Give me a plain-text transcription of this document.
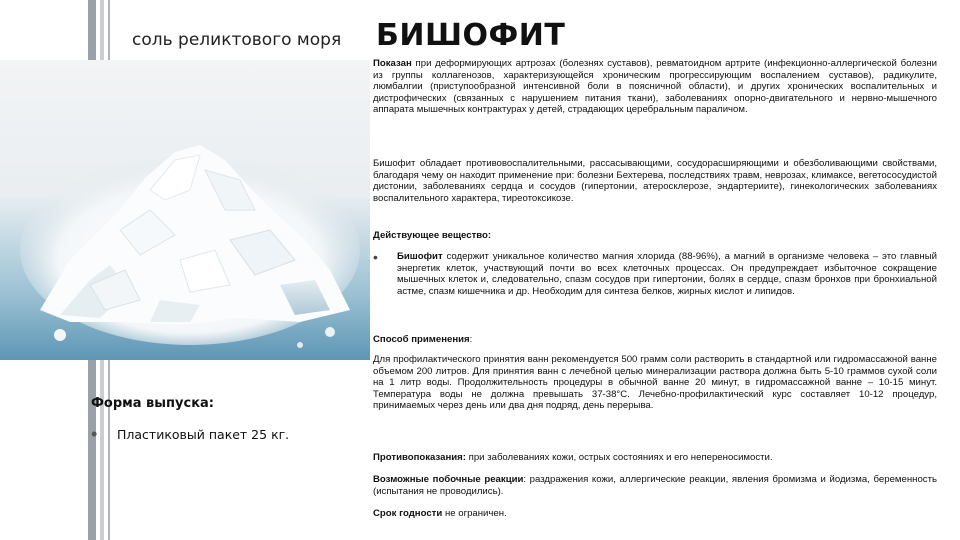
соль реликтового моря БИШОФИТ

Показан при деформирующих артрозах (болезнях суставов), ревматоидном артрите (инфекционно-аллергической болезни из группы коллагенозов, характеризующейся хроническим прогрессирующим воспалением суставов), радикулите, люмбалгии (приступообразной интенсивной боли в поясничной области), и других хронических воспалительных и дистрофических (связанных с нарушением питания ткани), заболеваниях опорно-двигательного и нервно-мышечного аппарата мышечных контрактурах у детей, страдающих церебральным параличом.

Бишофит обладает противовоспалительными, рассасывающими, сосудорасширяющими и обезболивающими свойствами, благодаря чему он находит применение при: болезни Бехтерева, последствиях травм, неврозах, климаксе, вегетососудистой дистонии, заболеваниях сердца и сосудов (гипертонии, атеросклерозе, эндартериите), гинекологических заболеваниях воспалительного характера, тиреотоксикозе.

Действующее вещество:

•	Бишофит содержит уникальное количество магния хлорида (88-96%), а магний в организме человека – это главный энергетик клеток, участвующий почти во всех клеточных процессах. Он предупреждает избыточное сокращение мышечных клеток и, следовательно, спазм сосудов при гипертонии, болях в сердце, спазм бронхов при бронхиальной астме, спазм кишечника и др. Необходим для синтеза белков, жирных кислот и липидов.

Способ применения:

Для профилактического принятия ванн рекомендуется 500 грамм соли растворить в стандартной или гидромассажной ванне объемом 200 литров. Для принятия ванн с лечебной целью минерализации раствора должна быть 5-10 граммов сухой соли на 1 литр воды. Продолжительность процедуры в обычной ванне 20 минут, в гидромассажной ванне – 10-15 минут. Температура воды не должна превышать 37-38°С. Лечебно-профилактический курс составляет 10-12 процедур, принимаемых через день или два дня подряд, день перерыва.

Противопоказания: при заболеваниях кожи, острых состояниях и его непереносимости.

Возможные побочные реакции: раздражения кожи, аллергические реакции, явления бромизма и йодизма, беременность (испытания не проводились).

Срок годности не ограничен.

Форма выпуска:
•	Пластиковый пакет 25 кг.
